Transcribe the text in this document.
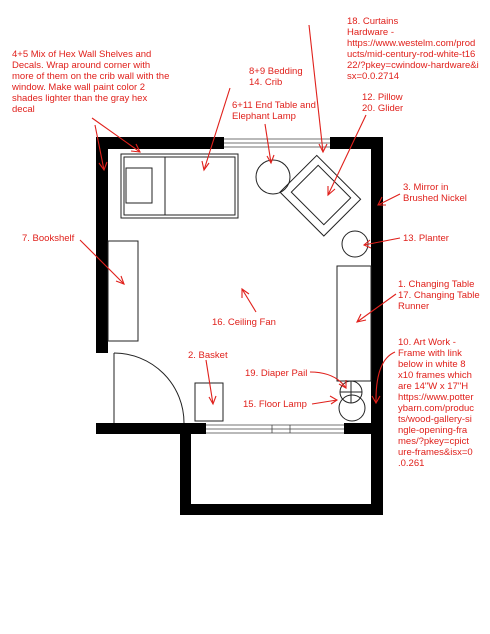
4+5 Mix of Hex Wall Shelves and Decals. Wrap around corner with more of them on the crib wall with the window. Make wall paint color 2 shades lighter than the gray hex decal
8+9 Bedding 14. Crib
6+11 End Table and Elephant Lamp
18. Curtains Hardware - https://www.westelm.com/prod ucts/mid-century-rod-white-t16 22/?pkey=cwindow-hardware&i sx=0.0.2714
12. Pillow 20. Glider
3. Mirror in Brushed Nickel
13. Planter
7. Bookshelf
1. Changing Table 17. Changing Table Runner
16. Ceiling Fan
10. Art Work - Frame with link below in white 8 x10 frames which are 14"W x 17"H https://www.potter ybarn.com/produc ts/wood-gallery-si ngle-opening-fra mes/?pkey=cpict ure-frames&isx=0 .0.261
2. Basket
19. Diaper Pail
15. Floor Lamp
